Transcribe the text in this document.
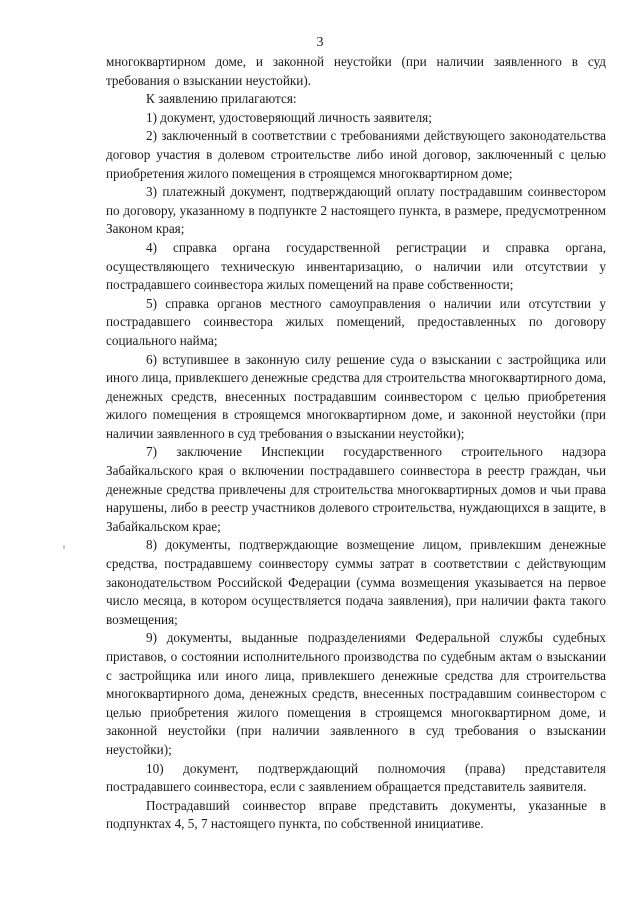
3

многоквартирном доме, и законной неустойки (при наличии заявленного в суд требования о взыскании неустойки).

К заявлению прилагаются:

1) документ, удостоверяющий личность заявителя;

2) заключенный в соответствии с требованиями действующего законодательства договор участия в долевом строительстве либо иной договор, заключенный с целью приобретения жилого помещения в строящемся многоквартирном доме;

3) платежный документ, подтверждающий оплату пострадавшим соинвестором по договору, указанному в подпункте 2 настоящего пункта, в размере, предусмотренном Законом края;

4) справка органа государственной регистрации и справка органа, осуществляющего техническую инвентаризацию, о наличии или отсутствии у пострадавшего соинвестора жилых помещений на праве собственности;

5) справка органов местного самоуправления о наличии или отсутствии у пострадавшего соинвестора жилых помещений, предоставленных по договору социального найма;

6) вступившее в законную силу решение суда о взыскании с застройщика или иного лица, привлекшего денежные средства для строительства многоквартирного дома, денежных средств, внесенных пострадавшим соинвестором с целью приобретения жилого помещения в строящемся многоквартирном доме, и законной неустойки (при наличии заявленного в суд требования о взыскании неустойки);

7) заключение Инспекции государственного строительного надзора Забайкальского края о включении пострадавшего соинвестора в реестр граждан, чьи денежные средства привлечены для строительства многоквартирных домов и чьи права нарушены, либо в реестр участников долевого строительства, нуждающихся в защите, в Забайкальском крае;

8) документы, подтверждающие возмещение лицом, привлекшим денежные средства, пострадавшему соинвестору суммы затрат в соответствии с действующим законодательством Российской Федерации (сумма возмещения указывается на первое число месяца, в котором осуществляется подача заявления), при наличии факта такого возмещения;

9) документы, выданные подразделениями Федеральной службы судебных приставов, о состоянии исполнительного производства по судебным актам о взыскании с застройщика или иного лица, привлекшего денежные средства для строительства многоквартирного дома, денежных средств, внесенных пострадавшим соинвестором с целью приобретения жилого помещения в строящемся многоквартирном доме, и законной неустойки (при наличии заявленного в суд требования о взыскании неустойки);

10) документ, подтверждающий полномочия (права) представителя пострадавшего соинвестора, если с заявлением обращается представитель заявителя.

Пострадавший соинвестор вправе представить документы, указанные в подпунктах 4, 5, 7 настоящего пункта, по собственной инициативе.
